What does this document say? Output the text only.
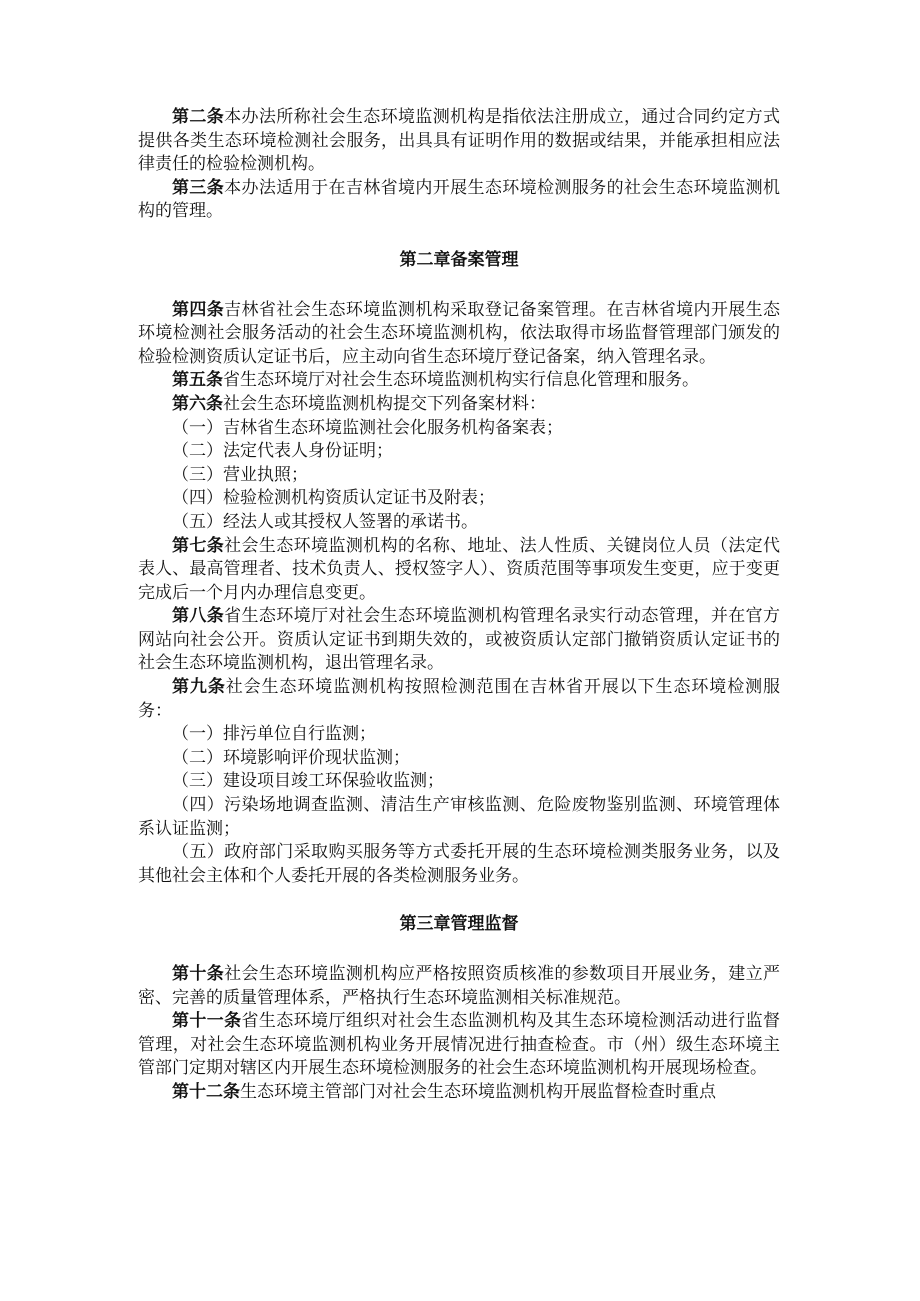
第二条本办法所称社会生态环境监测机构是指依法注册成立，通过合同约定方式提供各类生态环境检测社会服务，出具具有证明作用的数据或结果，并能承担相应法律责任的检验检测机构。

第三条本办法适用于在吉林省境内开展生态环境检测服务的社会生态环境监测机构的管理。

第二章备案管理

第四条吉林省社会生态环境监测机构采取登记备案管理。在吉林省境内开展生态环境检测社会服务活动的社会生态环境监测机构，依法取得市场监督管理部门颁发的检验检测资质认定证书后，应主动向省生态环境厅登记备案，纳入管理名录。

第五条省生态环境厅对社会生态环境监测机构实行信息化管理和服务。

第六条社会生态环境监测机构提交下列备案材料：

（一）吉林省生态环境监测社会化服务机构备案表；

（二）法定代表人身份证明；

（三）营业执照；

（四）检验检测机构资质认定证书及附表；

（五）经法人或其授权人签署的承诺书。

第七条社会生态环境监测机构的名称、地址、法人性质、关键岗位人员（法定代表人、最高管理者、技术负责人、授权签字人）、资质范围等事项发生变更，应于变更完成后一个月内办理信息变更。

第八条省生态环境厅对社会生态环境监测机构管理名录实行动态管理，并在官方网站向社会公开。资质认定证书到期失效的，或被资质认定部门撤销资质认定证书的社会生态环境监测机构，退出管理名录。

第九条社会生态环境监测机构按照检测范围在吉林省开展以下生态环境检测服务：

（一）排污单位自行监测；

（二）环境影响评价现状监测；

（三）建设项目竣工环保验收监测；

（四）污染场地调查监测、清洁生产审核监测、危险废物鉴别监测、环境管理体系认证监测；

（五）政府部门采取购买服务等方式委托开展的生态环境检测类服务业务，以及其他社会主体和个人委托开展的各类检测服务业务。

第三章管理监督

第十条社会生态环境监测机构应严格按照资质核准的参数项目开展业务，建立严密、完善的质量管理体系，严格执行生态环境监测相关标准规范。

第十一条省生态环境厅组织对社会生态监测机构及其生态环境检测活动进行监督管理，对社会生态环境监测机构业务开展情况进行抽查检查。市（州）级生态环境主管部门定期对辖区内开展生态环境检测服务的社会生态环境监测机构开展现场检查。

第十二条生态环境主管部门对社会生态环境监测机构开展监督检查时重点
